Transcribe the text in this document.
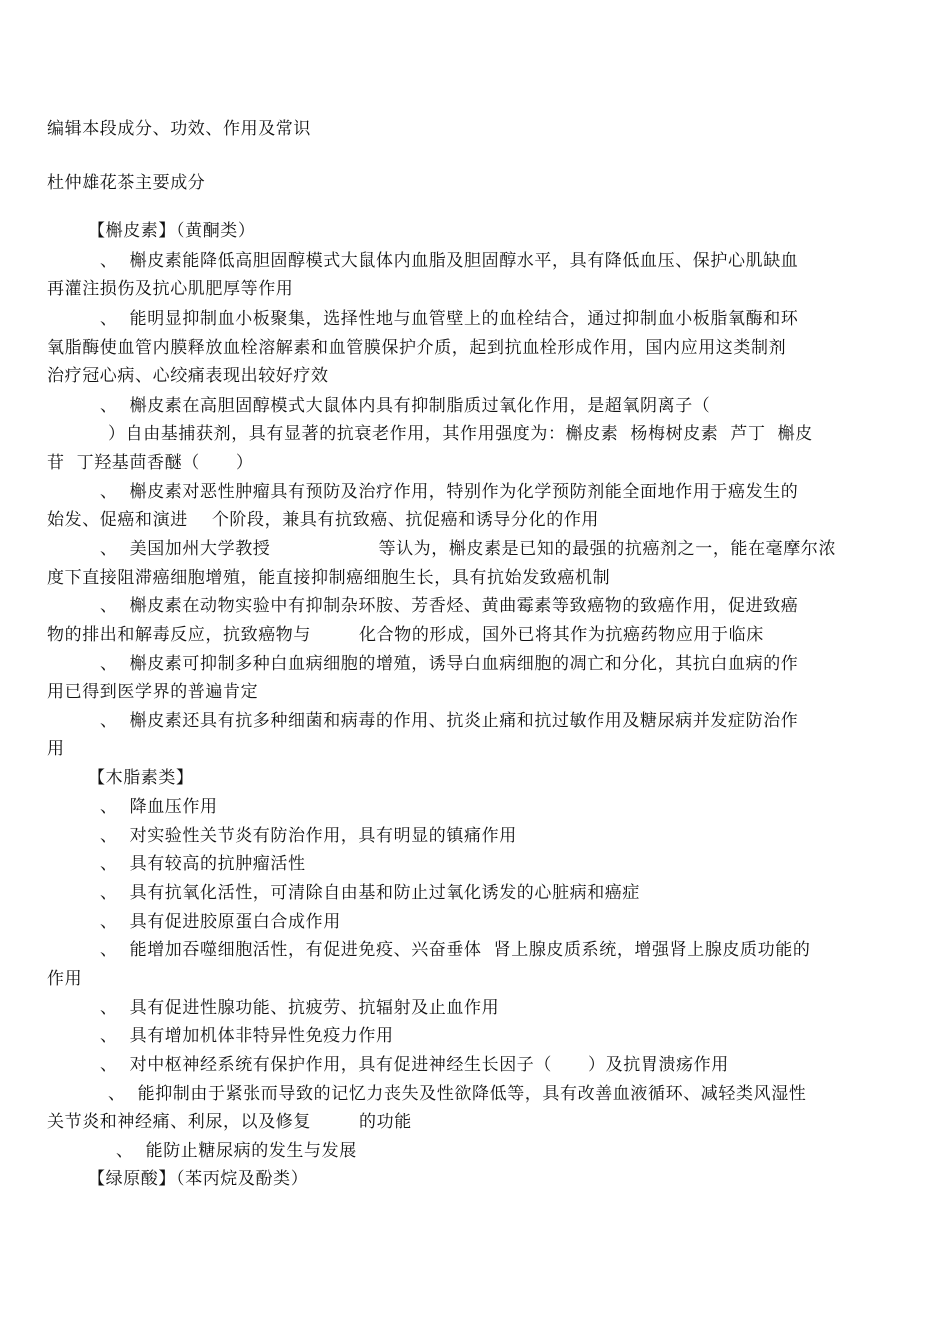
编辑本段成分、功效、作用及常识
杜仲雄花茶主要成分
【槲皮素】（黄酮类）
、  槲皮素能降低高胆固醇模式大鼠体内血脂及胆固醇水平，具有降低血压、保护心肌缺血
再灌注损伤及抗心肌肥厚等作用
、  能明显抑制血小板聚集，选择性地与血管壁上的血栓结合，通过抑制血小板脂氧酶和环
氧脂酶使血管内膜释放血栓溶解素和血管膜保护介质，起到抗血栓形成作用，国内应用这类制剂
治疗冠心病、心绞痛表现出较好疗效
、  槲皮素在高胆固醇模式大鼠体内具有抑制脂质过氧化作用，是超氧阴离子（
）自由基捕获剂，具有显著的抗衰老作用，其作用强度为：槲皮素  杨梅树皮素  芦丁  槲皮
苷  丁羟基茴香醚（      ）
、  槲皮素对恶性肿瘤具有预防及治疗作用，特别作为化学预防剂能全面地作用于癌发生的
始发、促癌和演进    个阶段，兼具有抗致癌、抗促癌和诱导分化的作用
、  美国加州大学教授                  等认为，槲皮素是已知的最强的抗癌剂之一，能在毫摩尔浓
度下直接阻滞癌细胞增殖，能直接抑制癌细胞生长，具有抗始发致癌机制
、  槲皮素在动物实验中有抑制杂环胺、芳香烃、黄曲霉素等致癌物的致癌作用，促进致癌
物的排出和解毒反应，抗致癌物与        化合物的形成，国外已将其作为抗癌药物应用于临床
、  槲皮素可抑制多种白血病细胞的增殖，诱导白血病细胞的凋亡和分化，其抗白血病的作
用已得到医学界的普遍肯定
、  槲皮素还具有抗多种细菌和病毒的作用、抗炎止痛和抗过敏作用及糖尿病并发症防治作
用
【木脂素类】
、  降血压作用
、  对实验性关节炎有防治作用，具有明显的镇痛作用
、  具有较高的抗肿瘤活性
、  具有抗氧化活性，可清除自由基和防止过氧化诱发的心脏病和癌症
、  具有促进胶原蛋白合成作用
、  能增加吞噬细胞活性，有促进免疫、兴奋垂体  肾上腺皮质系统，增强肾上腺皮质功能的
作用
、  具有促进性腺功能、抗疲劳、抗辐射及止血作用
、  具有增加机体非特异性免疫力作用
、  对中枢神经系统有保护作用，具有促进神经生长因子（      ）及抗胃溃疡作用
、  能抑制由于紧张而导致的记忆力丧失及性欲降低等，具有改善血液循环、减轻类风湿性
关节炎和神经痛、利尿，以及修复        的功能
、  能防止糖尿病的发生与发展
【绿原酸】（苯丙烷及酚类）
